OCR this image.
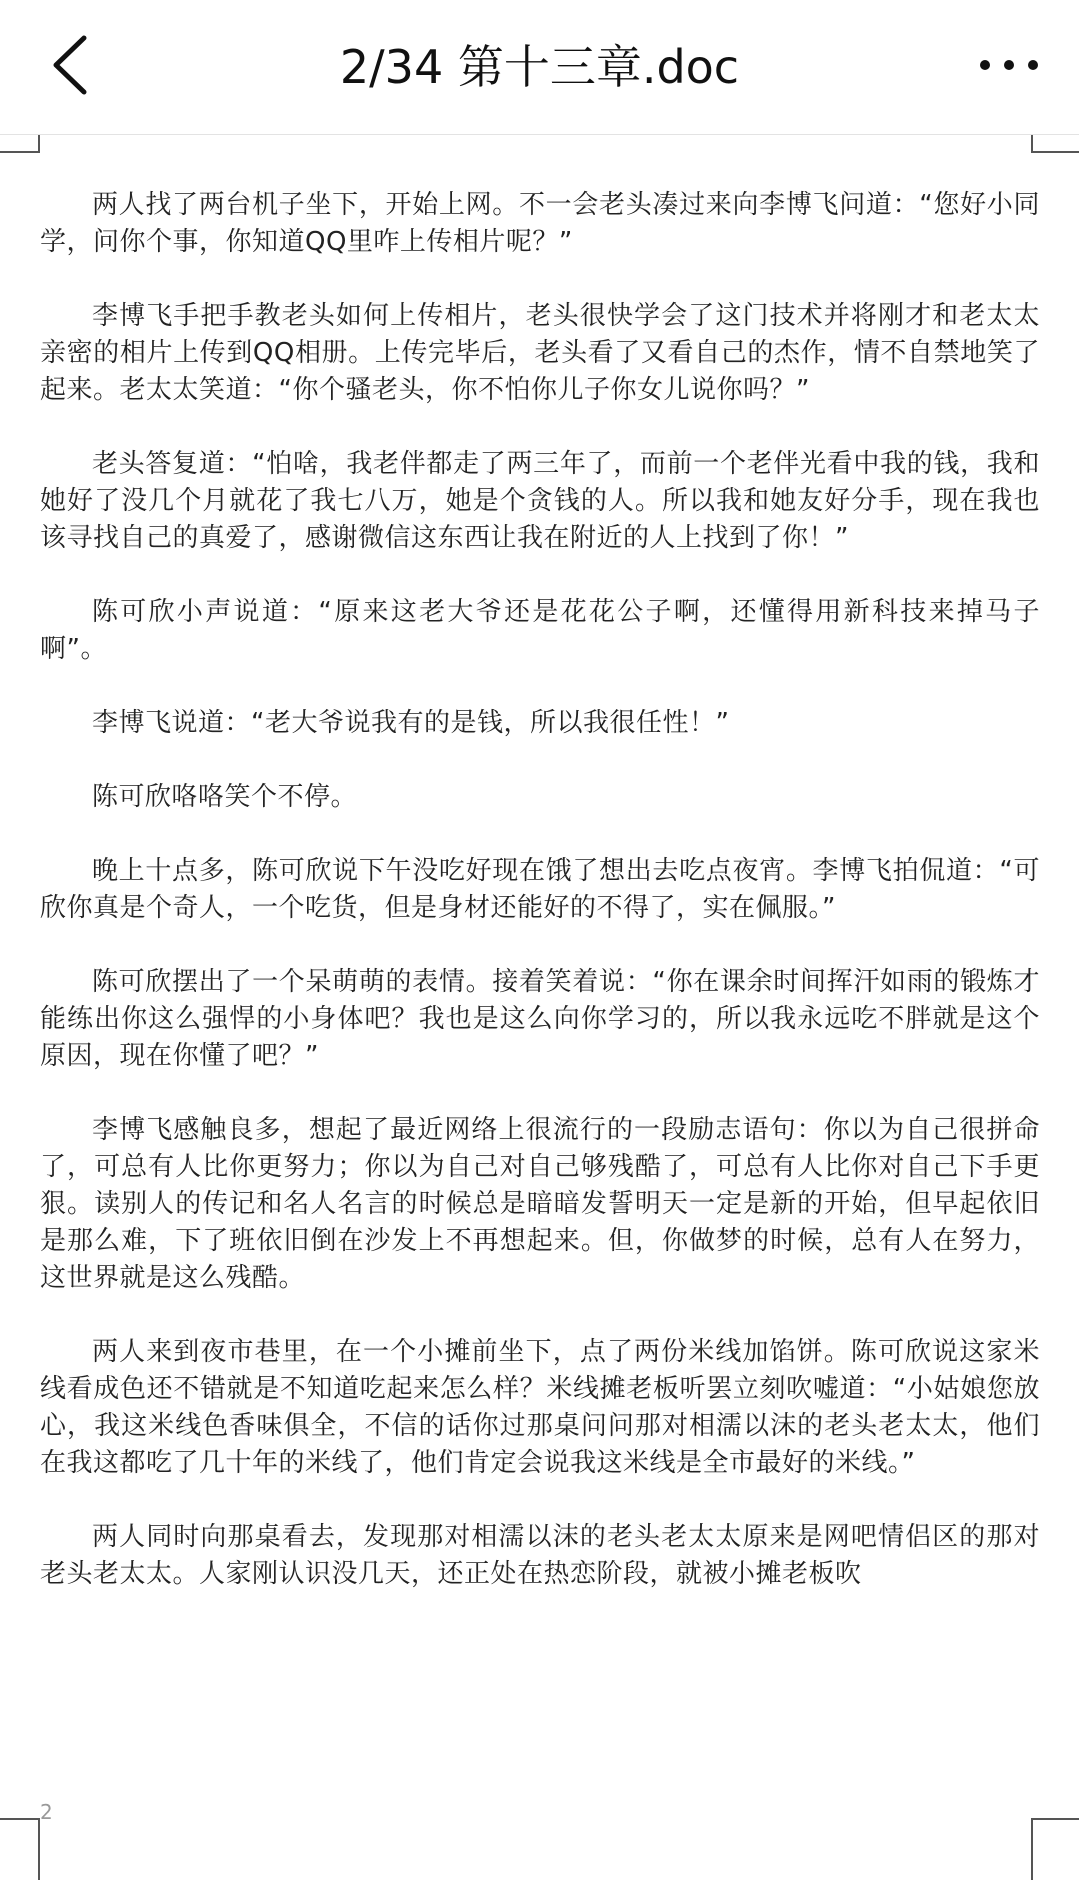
2/34 第十三章.doc

两人找了两台机子坐下，开始上网。不一会老头凑过来向李博飞问道：“您好小同学，问你个事，你知道QQ里咋上传相片呢？”

李博飞手把手教老头如何上传相片，老头很快学会了这门技术并将刚才和老太太亲密的相片上传到QQ相册。上传完毕后，老头看了又看自己的杰作，情不自禁地笑了起来。老太太笑道：“你个骚老头，你不怕你儿子你女儿说你吗？”

老头答复道：“怕啥，我老伴都走了两三年了，而前一个老伴光看中我的钱，我和她好了没几个月就花了我七八万，她是个贪钱的人。所以我和她友好分手，现在我也该寻找自己的真爱了，感谢微信这东西让我在附近的人上找到了你！”

陈可欣小声说道：“原来这老大爷还是花花公子啊，还懂得用新科技来掉马子啊”。

李博飞说道：“老大爷说我有的是钱，所以我很任性！”

陈可欣咯咯笑个不停。

晚上十点多，陈可欣说下午没吃好现在饿了想出去吃点夜宵。李博飞拍侃道：“可欣你真是个奇人，一个吃货，但是身材还能好的不得了，实在佩服。”

陈可欣摆出了一个呆萌萌的表情。接着笑着说：“你在课余时间挥汗如雨的锻炼才能练出你这么强悍的小身体吧？我也是这么向你学习的，所以我永远吃不胖就是这个原因，现在你懂了吧？”

李博飞感触良多，想起了最近网络上很流行的一段励志语句：你以为自己很拼命了，可总有人比你更努力；你以为自己对自己够残酷了，可总有人比你对自己下手更狠。读别人的传记和名人名言的时候总是暗暗发誓明天一定是新的开始，但早起依旧是那么难，下了班依旧倒在沙发上不再想起来。但，你做梦的时候，总有人在努力，这世界就是这么残酷。

两人来到夜市巷里，在一个小摊前坐下，点了两份米线加馅饼。陈可欣说这家米线看成色还不错就是不知道吃起来怎么样？米线摊老板听罢立刻吹嘘道：“小姑娘您放心，我这米线色香味俱全，不信的话你过那桌问问那对相濡以沫的老头老太太，他们在我这都吃了几十年的米线了，他们肯定会说我这米线是全市最好的米线。”

两人同时向那桌看去，发现那对相濡以沫的老头老太太原来是网吧情侣区的那对老头老太太。人家刚认识没几天，还正处在热恋阶段，就被小摊老板吹

2
